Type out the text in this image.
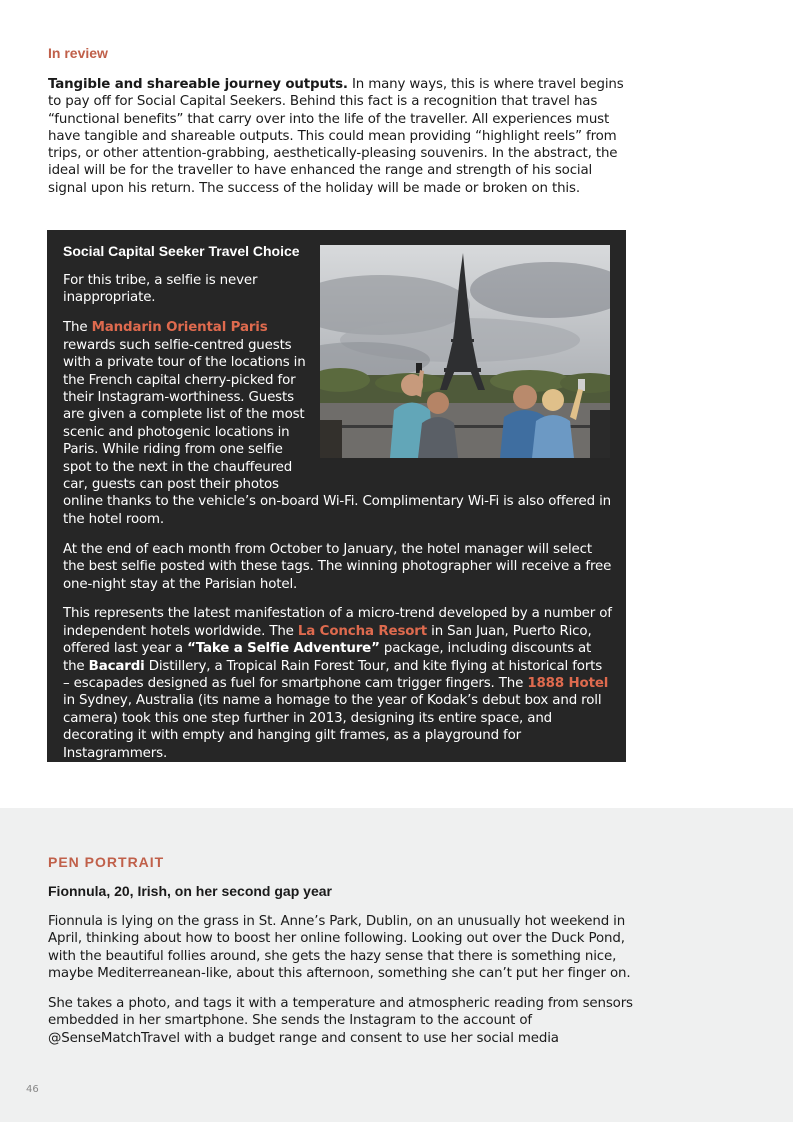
In review
Tangible and shareable journey outputs. In many ways, this is where travel begins to pay off for Social Capital Seekers. Behind this fact is a recognition that travel has “functional benefits” that carry over into the life of the traveller. All experiences must have tangible and shareable outputs. This could mean providing “highlight reels” from trips, or other attention-grabbing, aesthetically-pleasing souvenirs. In the abstract, the ideal will be for the traveller to have enhanced the range and strength of his social signal upon his return. The success of the holiday will be made or broken on this.
Social Capital Seeker Travel Choice

For this tribe, a selfie is never inappropriate.

The Mandarin Oriental Paris rewards such selfie-centred guests with a private tour of the locations in the French capital cherry-picked for their Instagram-worthiness. Guests are given a complete list of the most scenic and photogenic locations in Paris. While riding from one selfie spot to the next in the chauffeured car, guests can post their photos online thanks to the vehicle’s on-board Wi-Fi. Complimentary Wi-Fi is also offered in the hotel room.

At the end of each month from October to January, the hotel manager will select the best selfie posted with these tags. The winning photographer will receive a free one-night stay at the Parisian hotel.

This represents the latest manifestation of a micro-trend developed by a number of independent hotels worldwide. The La Concha Resort in San Juan, Puerto Rico, offered last year a “Take a Selfie Adventure” package, including discounts at the Bacardi Distillery, a Tropical Rain Forest Tour, and kite flying at historical forts – escapades designed as fuel for smartphone cam trigger fingers. The 1888 Hotel in Sydney, Australia (its name a homage to the year of Kodak’s debut box and roll camera) took this one step further in 2013, designing its entire space, and decorating it with empty and hanging gilt frames, as a playground for Instagrammers.

PEN PORTRAIT
Fionnula, 20, Irish, on her second gap year

Fionnula is lying on the grass in St. Anne’s Park, Dublin, on an unusually hot weekend in April, thinking about how to boost her online following. Looking out over the Duck Pond, with the beautiful follies around, she gets the hazy sense that there is something nice, maybe Mediterreanean-like, about this afternoon, something she can’t put her finger on.

She takes a photo, and tags it with a temperature and atmospheric reading from sensors embedded in her smartphone. She sends the Instagram to the account of @SenseMatchTravel with a budget range and consent to use her social media

46
